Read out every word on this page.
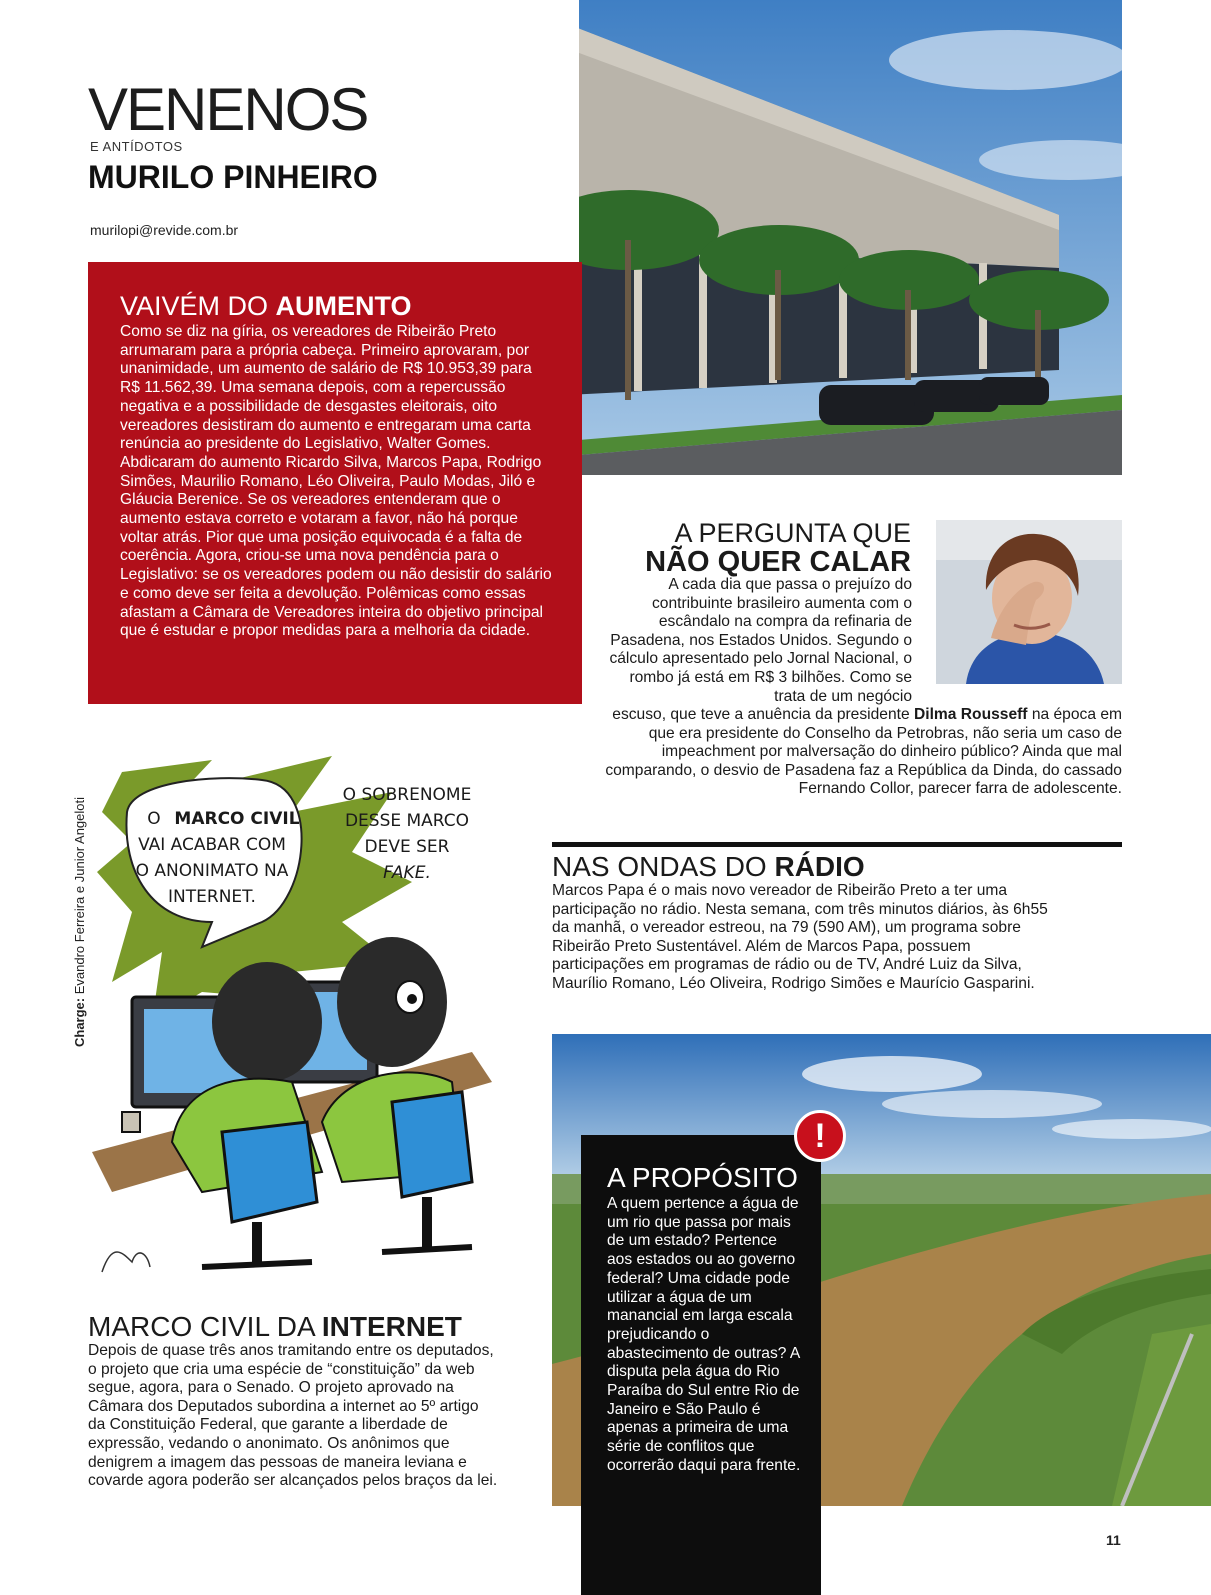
VENENOS
E ANTÍDOTOS
MURILO PINHEIRO
murilopi@revide.com.br
VAIVÉM DO AUMENTO
Como se diz na gíria, os vereadores de Ribeirão Preto arrumaram para a própria cabeça. Primeiro aprovaram, por unanimidade, um aumento de salário de R$ 10.953,39 para R$ 11.562,39. Uma semana depois, com a repercussão negativa e a possibilidade de desgastes eleitorais, oito vereadores desistiram do aumento e entregaram uma carta renúncia ao presidente do Legislativo, Walter Gomes. Abdicaram do aumento Ricardo Silva, Marcos Papa, Rodrigo Simões, Maurilio Romano, Léo Oliveira, Paulo Modas, Jiló e Gláucia Berenice. Se os vereadores entenderam que o aumento estava correto e votaram a favor, não há porque voltar atrás. Pior que uma posição equivocada é a falta de coerência. Agora, criou-se uma nova pendência para o Legislativo: se os vereadores podem ou não desistir do salário e como deve ser feita a devolução. Polêmicas como essas afastam a Câmara de Vereadores inteira do objetivo principal que é estudar e propor medidas para a melhoria da cidade.
A PERGUNTA QUE
NÃO QUER CALAR
A cada dia que passa o prejuízo do contribuinte brasileiro aumenta com o escândalo na compra da refinaria de Pasadena, nos Estados Unidos. Segundo o cálculo apresentado pelo Jornal Nacional, o rombo já está em R$ 3 bilhões. Como se trata de um negócio
escuso, que teve a anuência da presidente Dilma Rousseff na época em que era presidente do Conselho da Petrobras, não seria um caso de impeachment por malversação do dinheiro público? Ainda que mal comparando, o desvio de Pasadena faz a República da Dinda, do cassado Fernando Collor, parecer farra de adolescente.
NAS ONDAS DO RÁDIO
Marcos Papa é o mais novo vereador de Ribeirão Preto a ter uma participação no rádio. Nesta semana, com três minutos diários, às 6h55 da manhã, o vereador estreou, na 79 (590 AM), um programa sobre Ribeirão Preto Sustentável. Além de Marcos Papa, possuem participações em programas de rádio ou de TV, André Luiz da Silva, Maurílio Romano, Léo Oliveira, Rodrigo Simões e Maurício Gasparini.
Charge: Evandro Ferreira e Junior Angeloti	O MARCO CIVIL
VAI ACABAR COM
O ANONIMATO NA
INTERNET.
O SOBRENOME
DESSE MARCO
DEVE SER
FAKE.
MARCO CIVIL DA INTERNET
Depois de quase três anos tramitando entre os deputados, o projeto que cria uma espécie de “constituição” da web segue, agora, para o Senado. O projeto aprovado na Câmara dos Deputados subordina a internet ao 5º artigo da Constituição Federal, que garante a liberdade de expressão, vedando o anonimato. Os anônimos que denigrem a imagem das pessoas de maneira leviana e covarde agora poderão ser alcançados pelos braços da lei.
A PROPÓSITO
A quem pertence a água de um rio que passa por mais de um estado? Pertence aos estados ou ao governo federal? Uma cidade pode utilizar a água de um manancial em larga escala prejudicando o abastecimento de outras? A disputa pela água do Rio Paraíba do Sul entre Rio de Janeiro e São Paulo é apenas a primeira de uma série de conflitos que ocorrerão daqui para frente.
!
11
